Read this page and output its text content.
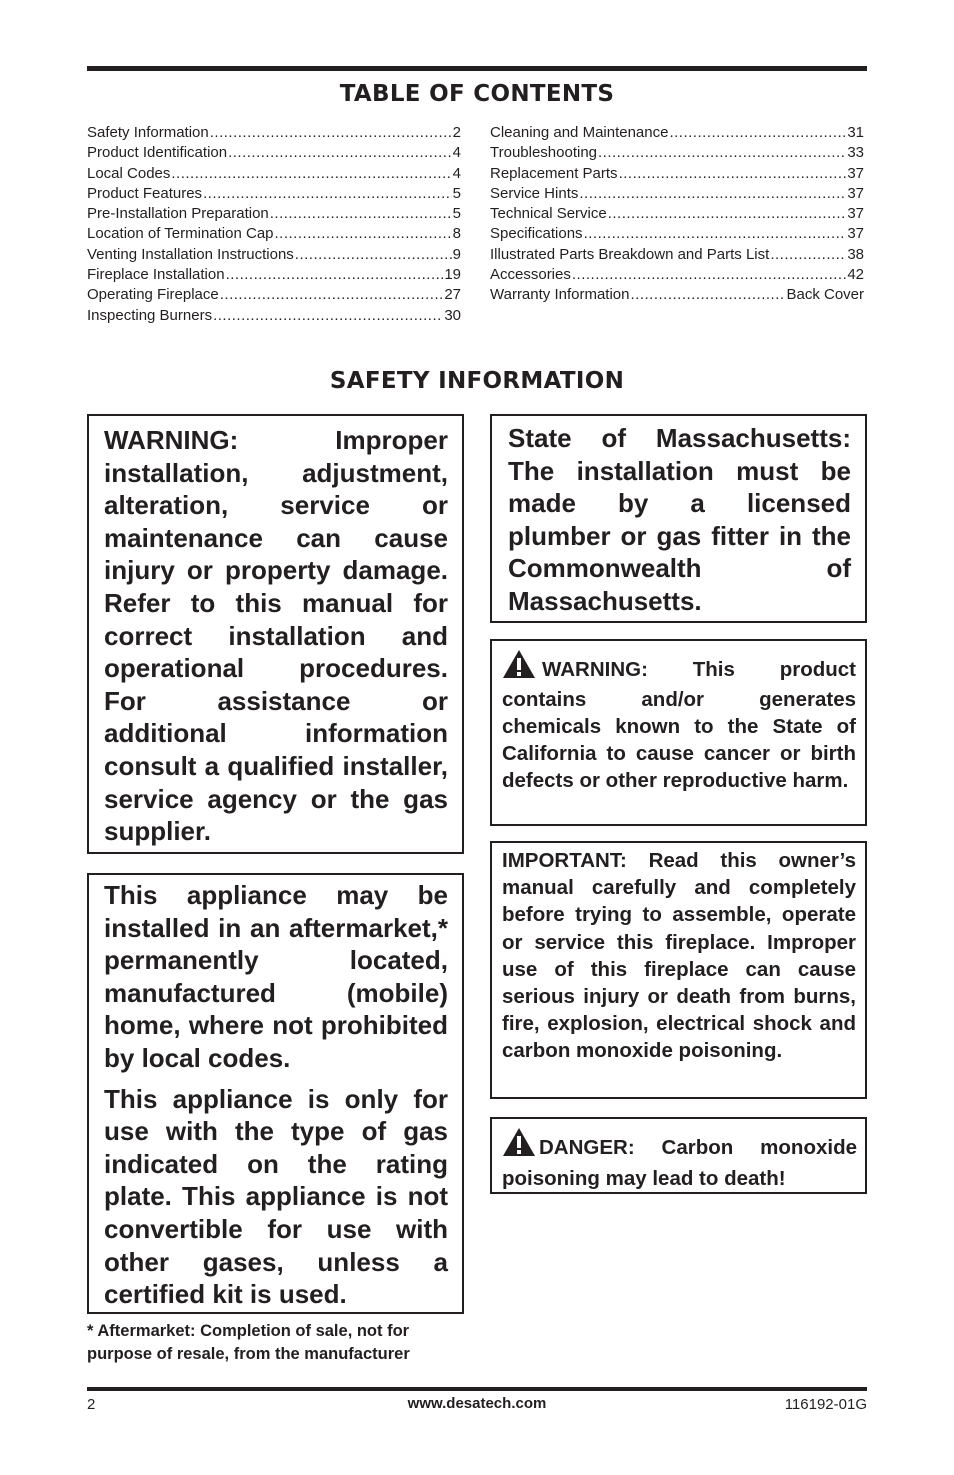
TABLE OF CONTENTS
Safety Information .....	2
Product Identification .....	4
Local Codes .....	4
Product Features .....	5
Pre-Installation Preparation .....	5
Location of Termination Cap .....	8
Venting Installation Instructions .....	9
Fireplace Installation .....	19
Operating Fireplace .....	27
Inspecting Burners .....	30
Cleaning and Maintenance .....	31
Troubleshooting .....	33
Replacement Parts .....	37
Service Hints .....	37
Technical Service .....	37
Specifications .....	37
Illustrated Parts Breakdown and Parts List .....	38
Accessories .....	42
Warranty Information .....	Back Cover
SAFETY INFORMATION

WARNING: Improper installation, adjustment, alteration, service or maintenance can cause injury or property damage. Refer to this manual for correct installation and operational procedures. For assistance or additional information consult a qualified installer, service agency or the gas supplier.

This appliance may be installed in an aftermarket,* permanently located, manufactured (mobile) home, where not prohibited by local codes.

This appliance is only for use with the type of gas indicated on the rating plate. This appliance is not convertible for use with other gases, unless a certified kit is used.

* Aftermarket: Completion of sale, not for purpose of resale, from the manufacturer

State of Massachusetts: The installation must be made by a licensed plumber or gas fitter in the Commonwealth of Massachusetts.

WARNING: This product contains and/or generates chemicals known to the State of California to cause cancer or birth defects or other reproductive harm.

IMPORTANT: Read this owner’s manual carefully and completely before trying to assemble, operate or service this fireplace. Improper use of this fireplace can cause serious injury or death from burns, fire, explosion, electrical shock and carbon monoxide poisoning.

DANGER: Carbon monoxide poisoning may lead to death!

2	www.desatech.com	116192-01G
